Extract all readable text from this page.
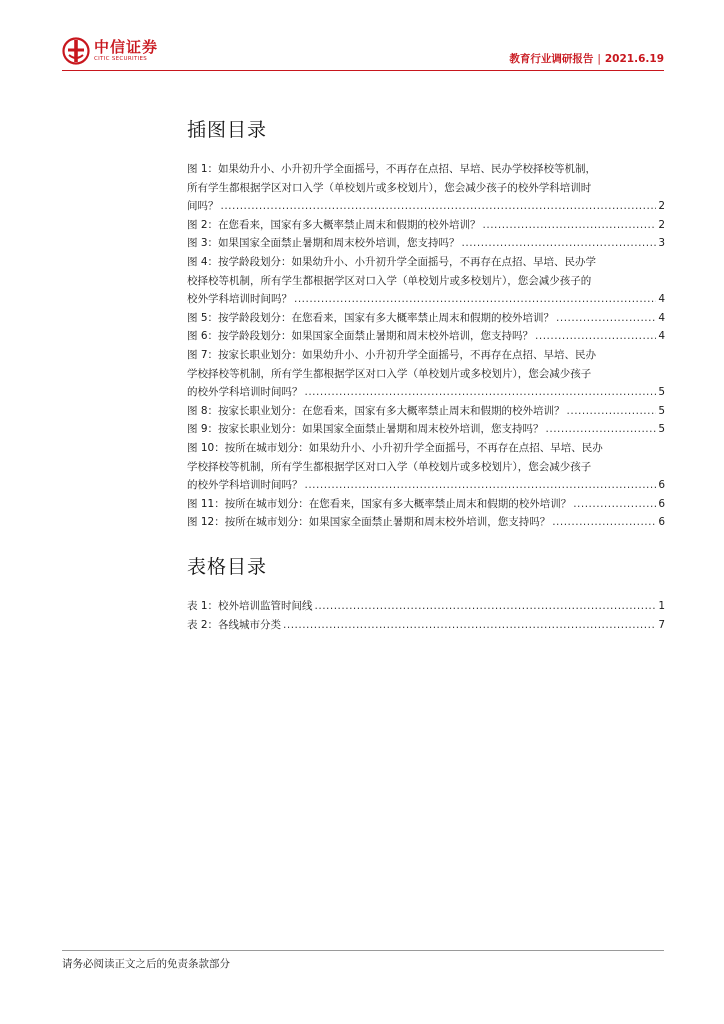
中信证券
CITIC SECURITIES	教育行业调研报告 | 2021.6.19
插图目录
图 1：如果幼升小、小升初升学全面摇号，不再存在点招、早培、民办学校择校等机制，
所有学生都根据学区对口入学（单校划片或多校划片），您会减少孩子的校外学科培训时
间吗？ .....	2
图 2：在您看来，国家有多大概率禁止周末和假期的校外培训？ .....	2
图 3：如果国家全面禁止暑期和周末校外培训，您支持吗？ .....	3
图 4：按学龄段划分：如果幼升小、小升初升学全面摇号，不再存在点招、早培、民办学
校择校等机制，所有学生都根据学区对口入学（单校划片或多校划片），您会减少孩子的
校外学科培训时间吗？ .....	4
图 5：按学龄段划分：在您看来，国家有多大概率禁止周末和假期的校外培训？ .....	4
图 6：按学龄段划分：如果国家全面禁止暑期和周末校外培训，您支持吗？ .....	4
图 7：按家长职业划分：如果幼升小、小升初升学全面摇号，不再存在点招、早培、民办
学校择校等机制，所有学生都根据学区对口入学（单校划片或多校划片），您会减少孩子
的校外学科培训时间吗？ .....	5
图 8：按家长职业划分：在您看来，国家有多大概率禁止周末和假期的校外培训？ .....	5
图 9：按家长职业划分：如果国家全面禁止暑期和周末校外培训，您支持吗？ .....	5
图 10：按所在城市划分：如果幼升小、小升初升学全面摇号，不再存在点招、早培、民办
学校择校等机制，所有学生都根据学区对口入学（单校划片或多校划片），您会减少孩子
的校外学科培训时间吗？ .....	6
图 11：按所在城市划分：在您看来，国家有多大概率禁止周末和假期的校外培训？ .....	6
图 12：按所在城市划分：如果国家全面禁止暑期和周末校外培训，您支持吗？ .....	6
表格目录
表 1：校外培训监管时间线 .....	1
表 2：各线城市分类 .....	7
请务必阅读正文之后的免责条款部分
